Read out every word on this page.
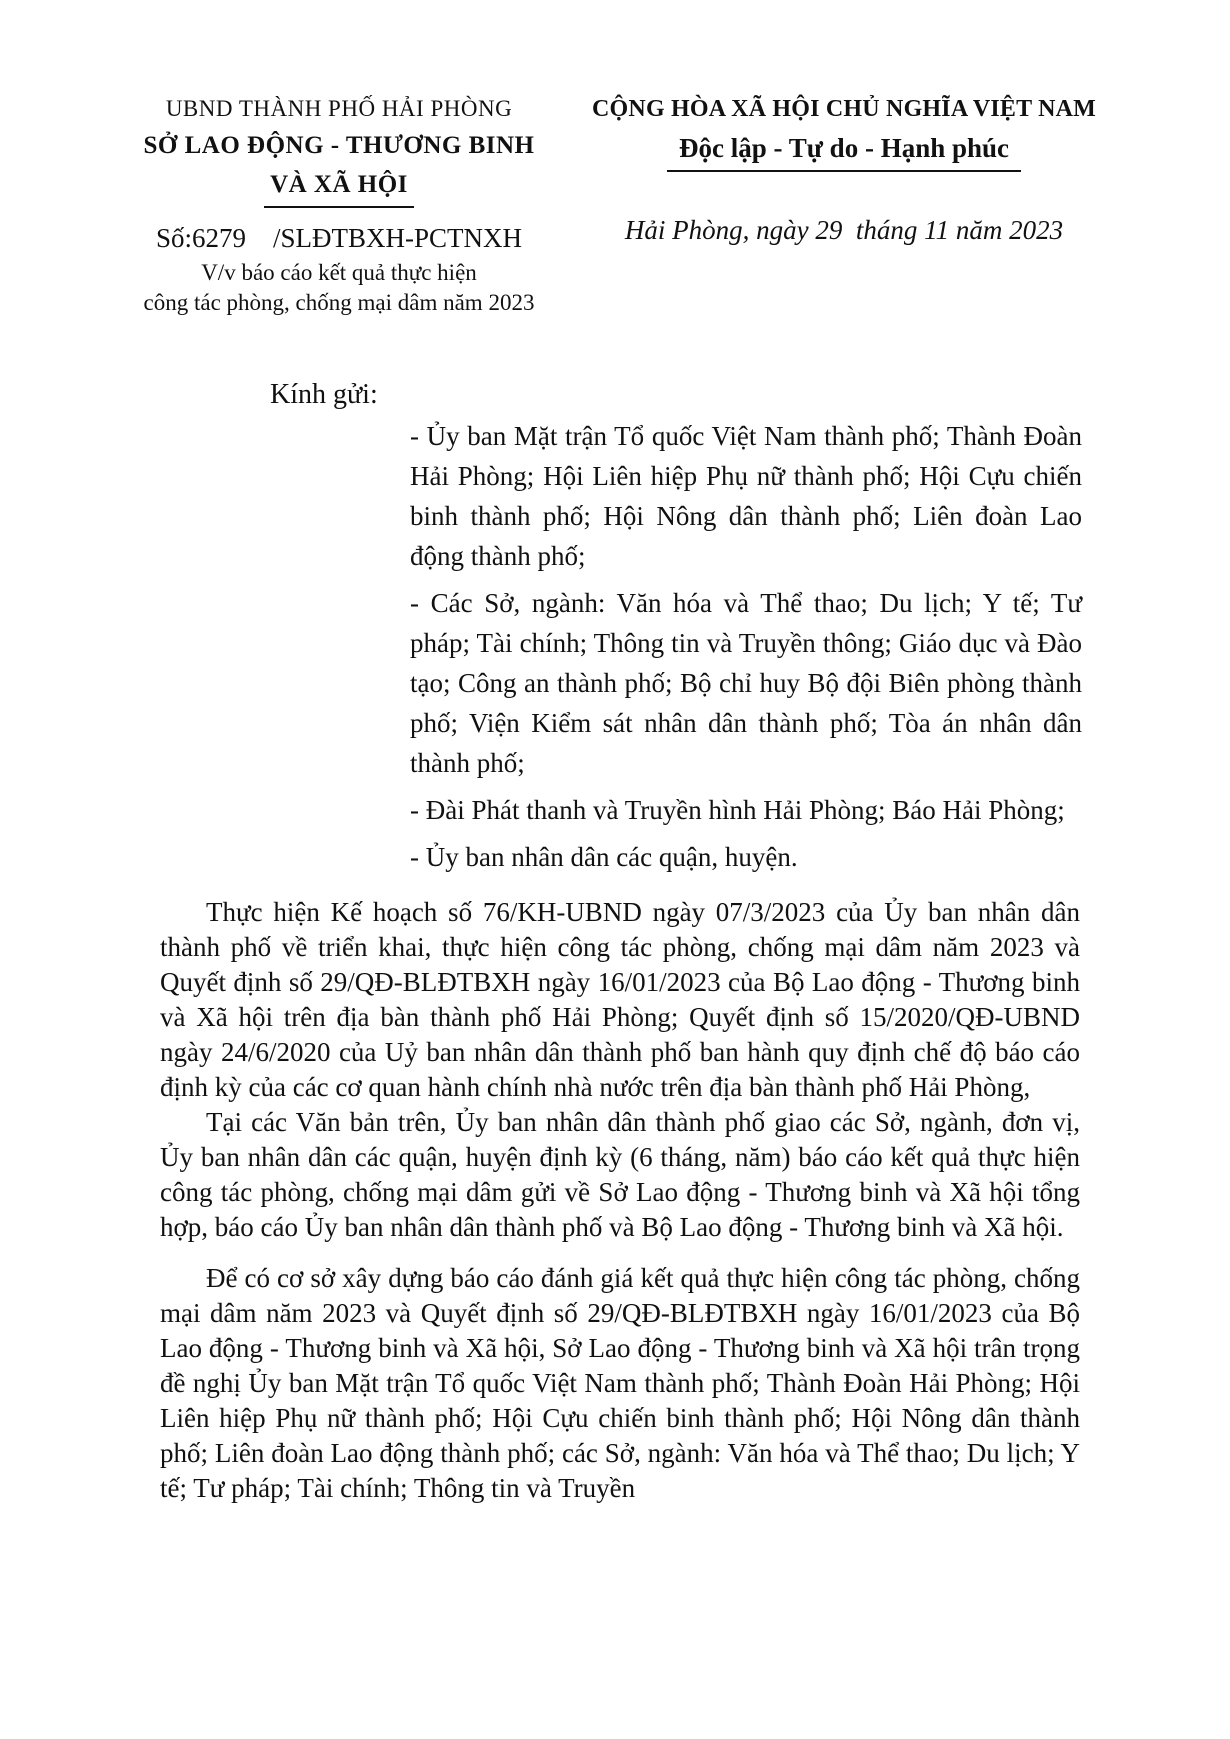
UBND THÀNH PHỐ HẢI PHÒNG
SỞ LAO ĐỘNG - THƯƠNG BINH
VÀ XÃ HỘI
Số:6279    /SLĐTBXH-PCTNXH
V/v báo cáo kết quả thực hiện
công tác phòng, chống mại dâm năm 2023
CỘNG HÒA XÃ HỘI CHỦ NGHĨA VIỆT NAM
Độc lập - Tự do - Hạnh phúc
Hải Phòng, ngày 29  tháng 11 năm 2023
Kính gửi:
- Ủy ban Mặt trận Tổ quốc Việt Nam thành phố; Thành Đoàn Hải Phòng; Hội Liên hiệp Phụ nữ thành phố; Hội Cựu chiến binh thành phố; Hội Nông dân thành phố; Liên đoàn Lao động thành phố;
- Các Sở, ngành: Văn hóa và Thể thao; Du lịch; Y tế; Tư pháp; Tài chính; Thông tin và Truyền thông; Giáo dục và Đào tạo; Công an thành phố; Bộ chỉ huy Bộ đội Biên phòng thành phố; Viện Kiểm sát nhân dân thành phố; Tòa án nhân dân thành phố;
- Đài Phát thanh và Truyền hình Hải Phòng; Báo Hải Phòng;
- Ủy ban nhân dân các quận, huyện.

Thực hiện Kế hoạch số 76/KH-UBND ngày 07/3/2023 của Ủy ban nhân dân thành phố về triển khai, thực hiện công tác phòng, chống mại dâm năm 2023 và Quyết định số 29/QĐ-BLĐTBXH ngày 16/01/2023 của Bộ Lao động - Thương binh và Xã hội trên địa bàn thành phố Hải Phòng; Quyết định số 15/2020/QĐ-UBND ngày 24/6/2020 của Uỷ ban nhân dân thành phố ban hành quy định chế độ báo cáo định kỳ của các cơ quan hành chính nhà nước trên địa bàn thành phố Hải Phòng,

Tại các Văn bản trên, Ủy ban nhân dân thành phố giao các Sở, ngành, đơn vị, Ủy ban nhân dân các quận, huyện định kỳ (6 tháng, năm) báo cáo kết quả thực hiện công tác phòng, chống mại dâm gửi về Sở Lao động - Thương binh và Xã hội tổng hợp, báo cáo Ủy ban nhân dân thành phố và Bộ Lao động - Thương binh và Xã hội.

Để có cơ sở xây dựng báo cáo đánh giá kết quả thực hiện công tác phòng, chống mại dâm năm 2023 và Quyết định số 29/QĐ-BLĐTBXH ngày 16/01/2023 của Bộ Lao động - Thương binh và Xã hội, Sở Lao động - Thương binh và Xã hội trân trọng đề nghị Ủy ban Mặt trận Tổ quốc Việt Nam thành phố; Thành Đoàn Hải Phòng; Hội Liên hiệp Phụ nữ thành phố; Hội Cựu chiến binh thành phố; Hội Nông dân thành phố; Liên đoàn Lao động thành phố; các Sở, ngành: Văn hóa và Thể thao; Du lịch; Y tế; Tư pháp; Tài chính; Thông tin và Truyền
